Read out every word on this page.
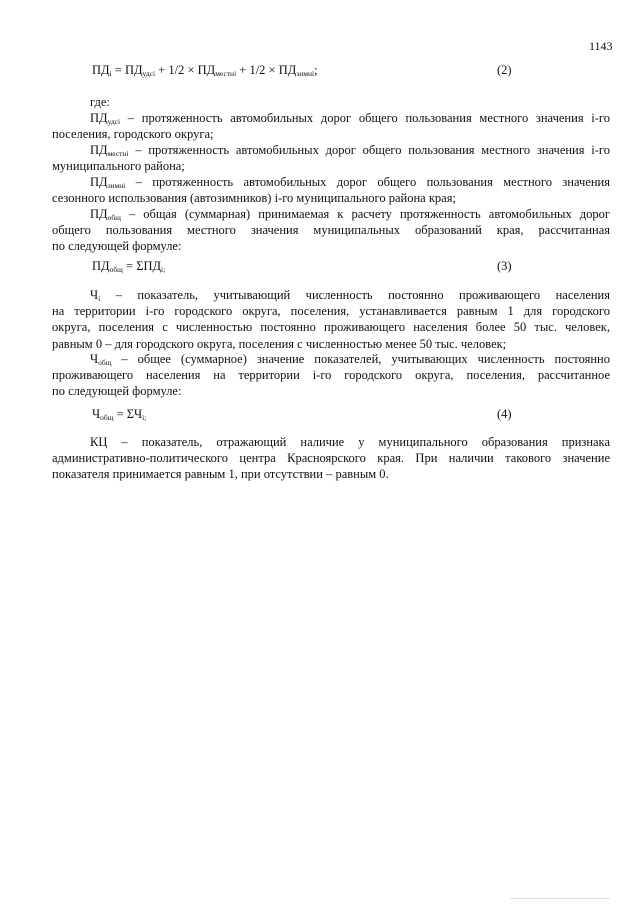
1143
$ПД_i = ПД_{удсi} + 1/2 \times ПД_{местнi} + 1/2 \times ПД_{зимнi}$;	(2)
где:
$ПД_{удсi}$ – протяженность автомобильных дорог общего пользования местного значения i-го
поселения, городского округа;
$ПД_{местнi}$ – протяженность автомобильных дорог общего пользования местного значения i-го
муниципального района;
$ПД_{зимнi}$ – протяженность автомобильных дорог общего пользования местного значения
сезонного использования (автозимников) i-го муниципального района края;
$ПД_{общ}$ – общая (суммарная) принимаемая к расчету протяженность автомобильных дорог
общего пользования местного значения муниципальных образований края, рассчитанная
по следующей формуле:
$ПД_{общ} = \Sigma ПД_{i;}$	(3)
$Ч_i$ – показатель, учитывающий численность постоянно проживающего населения
на территории i-го городского округа, поселения, устанавливается равным 1 для городского
округа, поселения с численностью постоянно проживающего населения более 50 тыс. человек,
равным 0 – для городского округа, поселения с численностью менее 50 тыс. человек;
$Ч_{общ}$ – общее (суммарное) значение показателей, учитывающих численность постоянно
проживающего населения на территории i-го городского округа, поселения, рассчитанное
по следующей формуле:
$Ч_{общ} = \Sigma Ч_{i;}$	(4)
КЦ – показатель, отражающий наличие у муниципального образования признака
административно-политического центра Красноярского края. При наличии такового значение
показателя принимается равным 1, при отсутствии – равным 0.
